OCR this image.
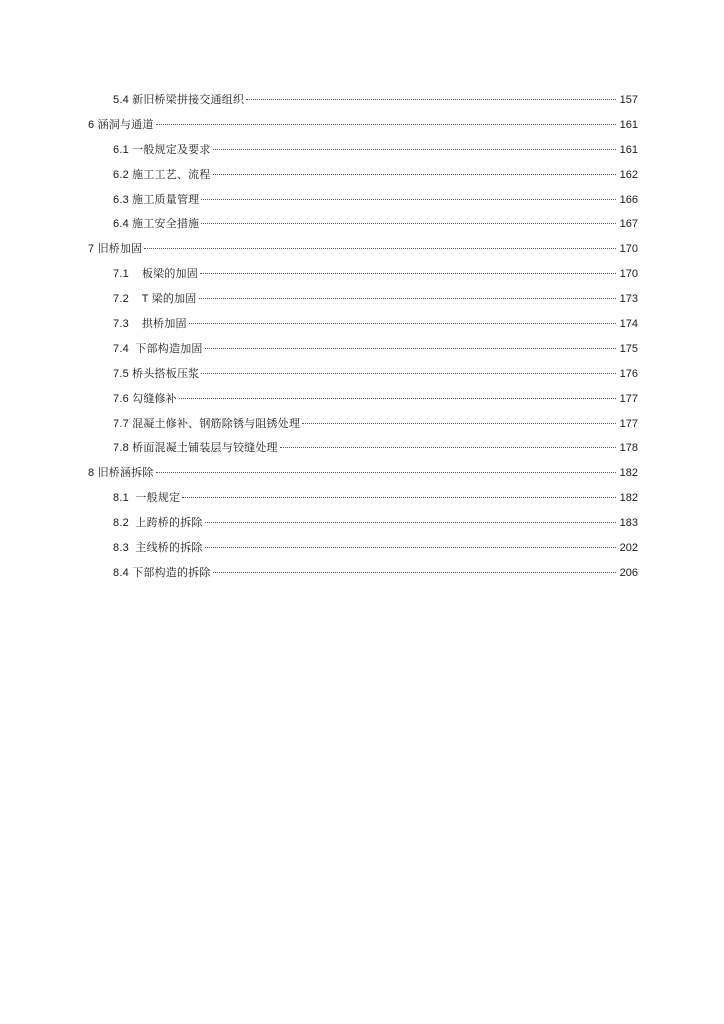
5.4 新旧桥梁拼接交通组织	157
6 涵洞与通道	161
6.1 一般规定及要求	161
6.2 施工工艺、流程	162
6.3 施工质量管理	166
6.4 施工安全措施	167
7 旧桥加固	170
7.1    板梁的加固	170
7.2    T 梁的加固	173
7.3    拱桥加固	174
7.4  下部构造加固	175
7.5 桥头搭板压浆	176
7.6 勾缝修补	177
7.7 混凝土修补、钢筋除锈与阻锈处理	177
7.8 桥面混凝土铺装层与铰缝处理	178
8 旧桥涵拆除	182
8.1  一般规定	182
8.2  上跨桥的拆除	183
8.3  主线桥的拆除	202
8.4 下部构造的拆除	206
